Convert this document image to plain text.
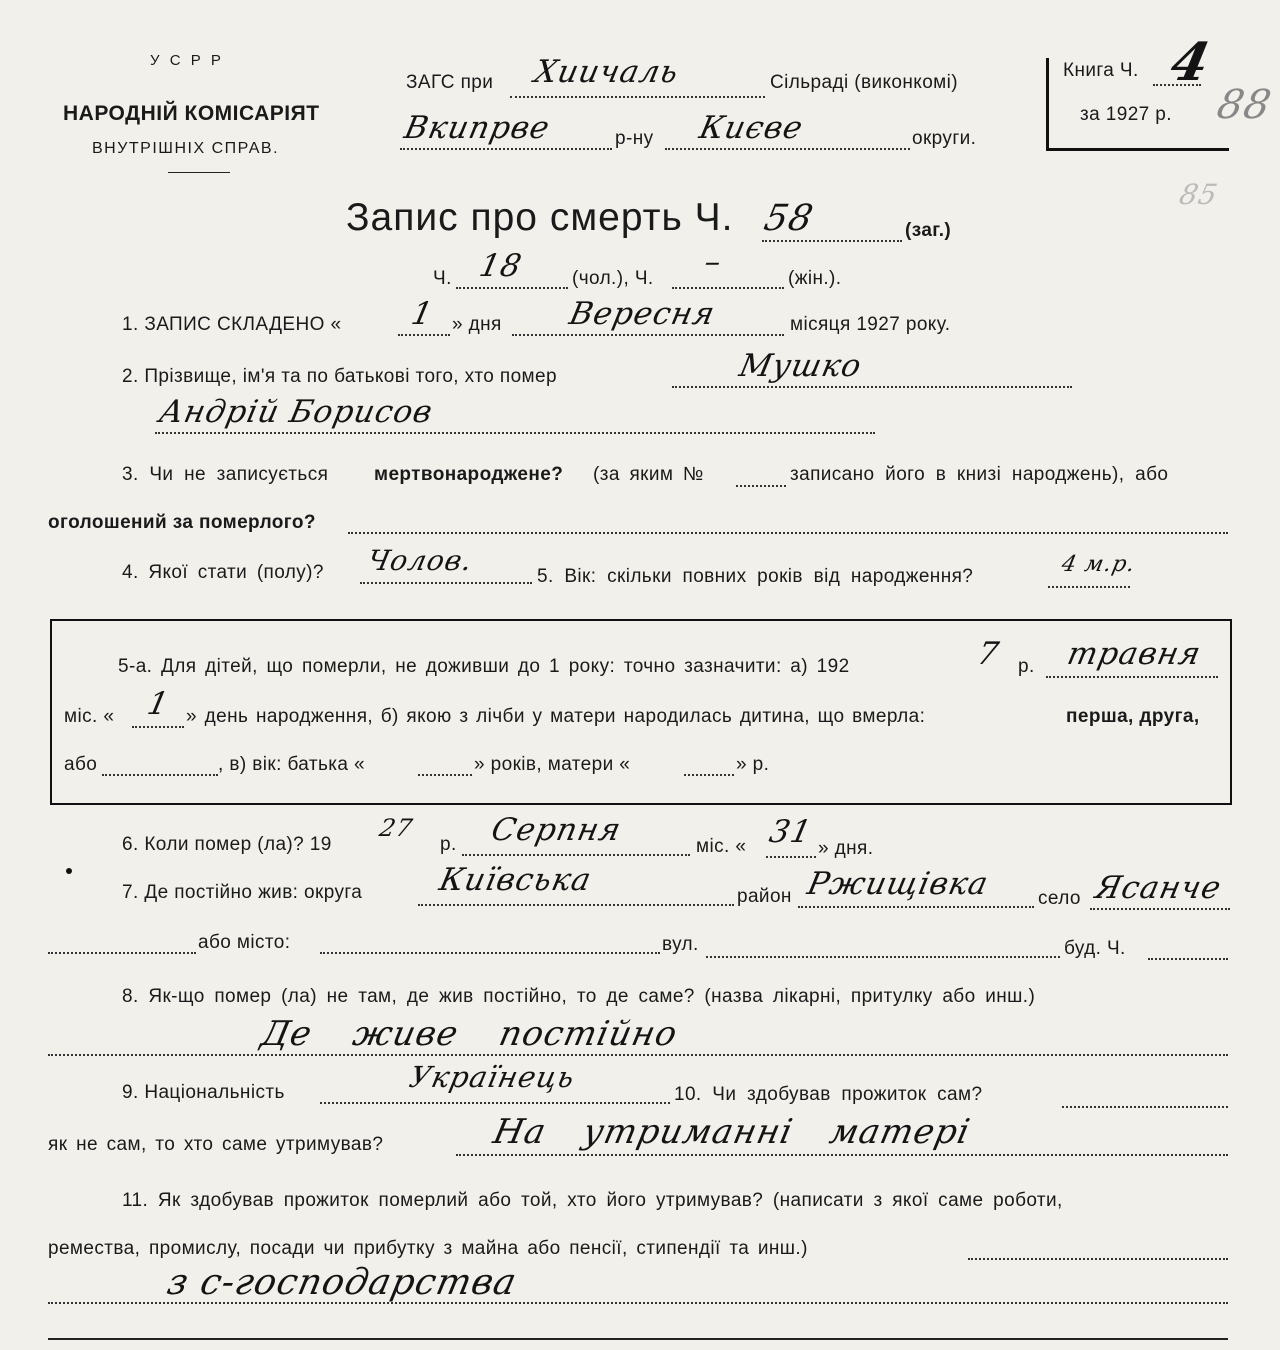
У С Р Р
НАРОДНІЙ КОМІСАРІЯТ
ВНУТРІШНІХ СПРАВ.
ЗАГС при Хиичаль	Сільраді (виконкомі)
Вкипрве	р-ну Києве	округи.
Книга Ч. 4
за 1927 р. 88
85
Запис про смерть Ч. 58	(заг.)
Ч. 18 (чол.), Ч. –	(жін.).
1. ЗАПИС СКЛАДЕНО « 1 » дня Вересня	місяця 1927 року.
2. Прізвище, ім'я та по батькові того, хто помер	Мушко
Андрій Борисов
3. Чи не записується мертвонароджене? (за яким №	записано його в книзі народжень), або
оголошений за померлого?
4. Якої стати (полу)? Чолов.	5. Вік: скільки повних років від народження?	4 м.р.
5-а. Для дітей, що померли, не доживши до 1 року: точно зазначити: а) 192	7 р. травня
міс. « 1 » день народження, б) якою з лічби у матери народилась дитина, що вмерла:	перша, друга,
або	, в) вік: батька «	» років, матери «	» р.
6. Коли помер (ла)? 19
27
р. Серпня	міс. « 31 » дня.
7. Де постійно жив: округа Київська	район Ржищівка село Ясанче
або місто:	вул.	буд. Ч.
8. Як-що помер (ла) не там, де жив постійно, то де саме? (назва лікарні, притулку або инш.)
Де живе постійно
9. Національність	Українець
10. Чи здобував прожиток сам?
як не сам, то хто саме утримував?	На утриманні матері
11. Як здобував прожиток померлий або той, хто його утримував? (написати з якої саме роботи,
ремества, промислу, посади чи прибутку з майна або пенсії, стипендії та инш.)
з с-господарства
